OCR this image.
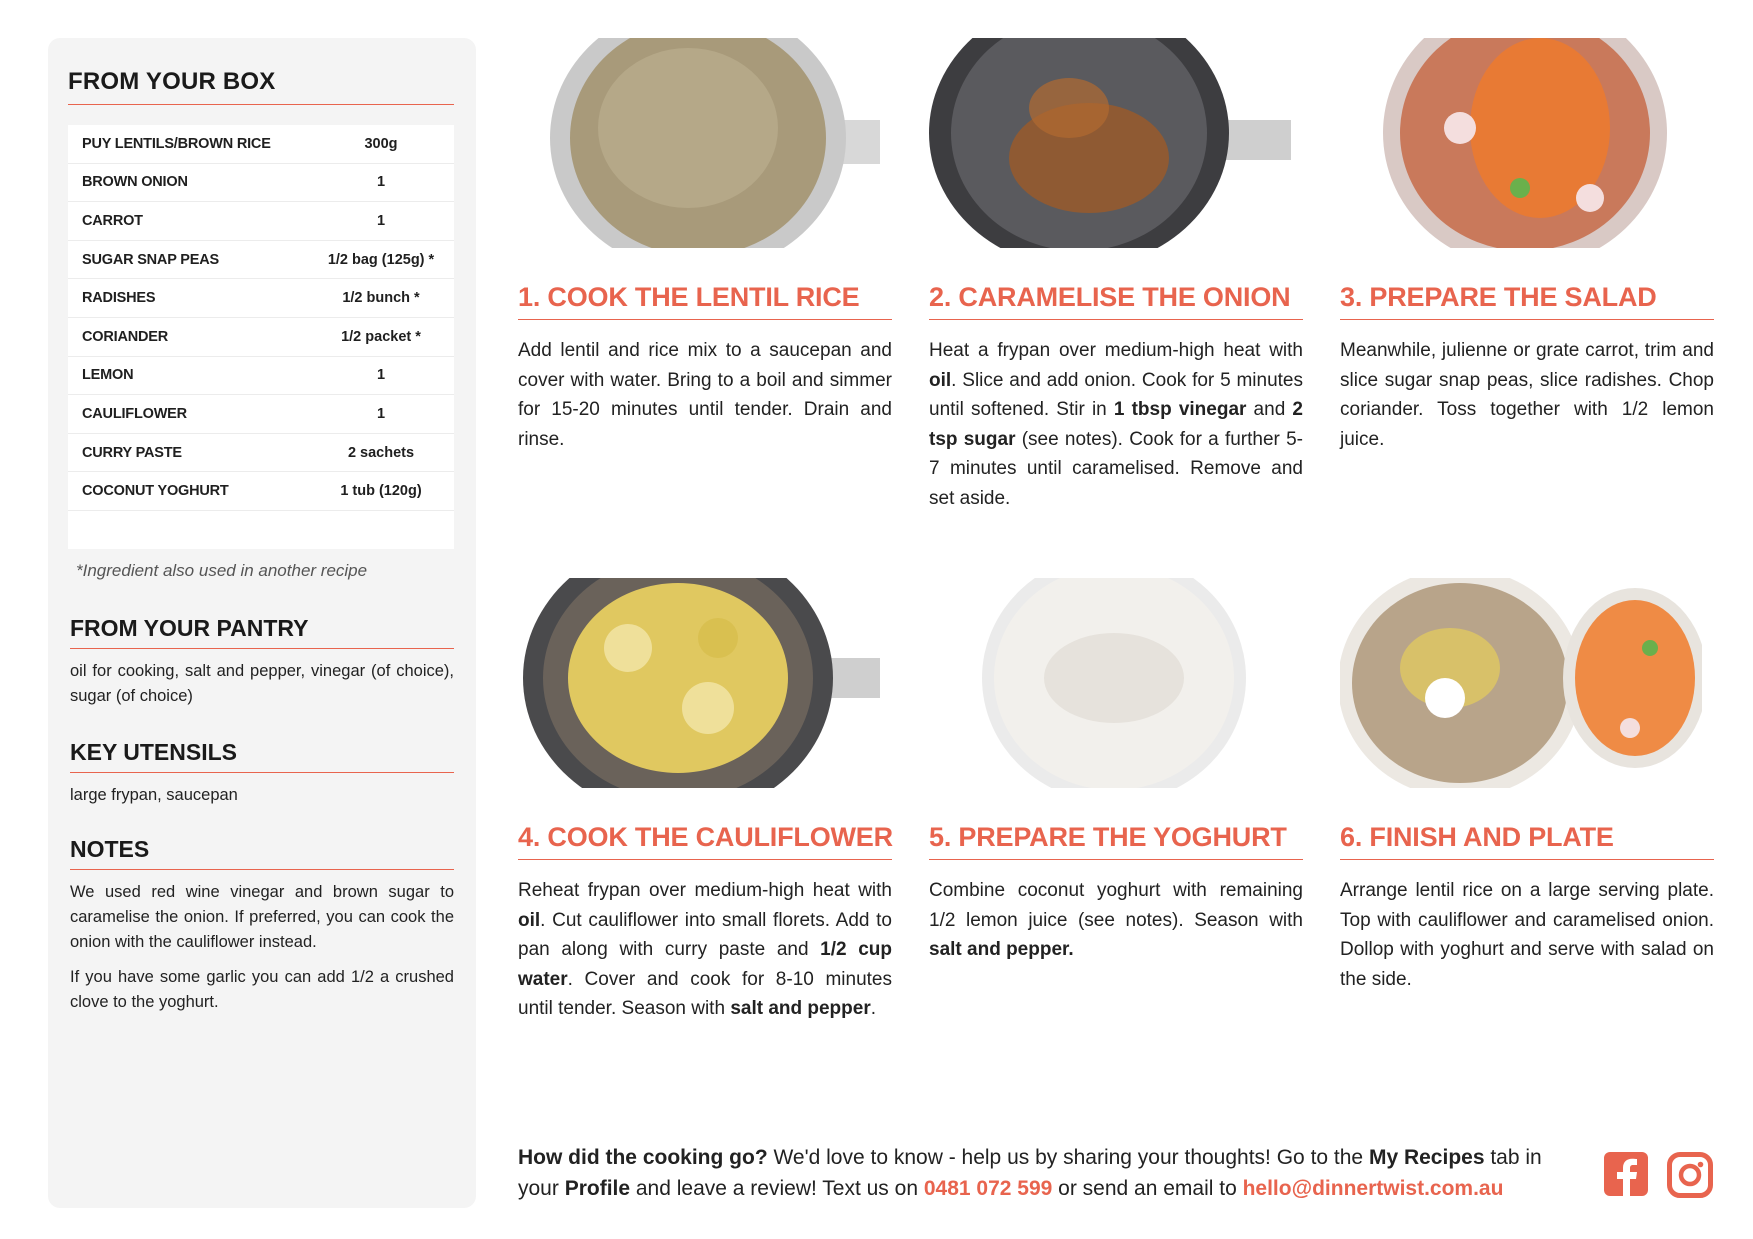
FROM YOUR BOX
PUY LENTILS/BROWN RICE	300g
BROWN ONION	1
CARROT	1
SUGAR SNAP PEAS	1/2 bag (125g) *
RADISHES	1/2 bunch *
CORIANDER	1/2 packet *
LEMON	1
CAULIFLOWER	1
CURRY PASTE	2 sachets
COCONUT YOGHURT	1 tub (120g)
*Ingredient also used in another recipe
FROM YOUR PANTRY
oil for cooking, salt and pepper, vinegar (of choice), sugar (of choice)
KEY UTENSILS
large frypan, saucepan
NOTES
We used red wine vinegar and brown sugar to caramelise the onion. If preferred, you can cook the onion with the cauliflower instead.
If you have some garlic you can add 1/2 a crushed clove to the yoghurt.
1. COOK THE LENTIL RICE
Add lentil and rice mix to a saucepan and cover with water. Bring to a boil and simmer for 15-20 minutes until tender. Drain and rinse.
2. CARAMELISE THE ONION
Heat a frypan over medium-high heat with oil. Slice and add onion. Cook for 5 minutes until softened. Stir in 1 tbsp vinegar and 2 tsp sugar (see notes). Cook for a further 5-7 minutes until caramelised. Remove and set aside.
3. PREPARE THE SALAD
Meanwhile, julienne or grate carrot, trim and slice sugar snap peas, slice radishes. Chop coriander. Toss together with 1/2 lemon juice.
4. COOK THE CAULIFLOWER
Reheat frypan over medium-high heat with oil. Cut cauliflower into small florets. Add to pan along with curry paste and 1/2 cup water. Cover and cook for 8-10 minutes until tender. Season with salt and pepper.
5. PREPARE THE YOGHURT
Combine coconut yoghurt with remaining 1/2 lemon juice (see notes). Season with salt and pepper.
6. FINISH AND PLATE
Arrange lentil rice on a large serving plate. Top with cauliflower and caramelised onion. Dollop with yoghurt and serve with salad on the side.
How did the cooking go? We'd love to know - help us by sharing your thoughts! Go to the My Recipes tab in your Profile and leave a review! Text us on 0481 072 599 or send an email to hello@dinnertwist.com.au
